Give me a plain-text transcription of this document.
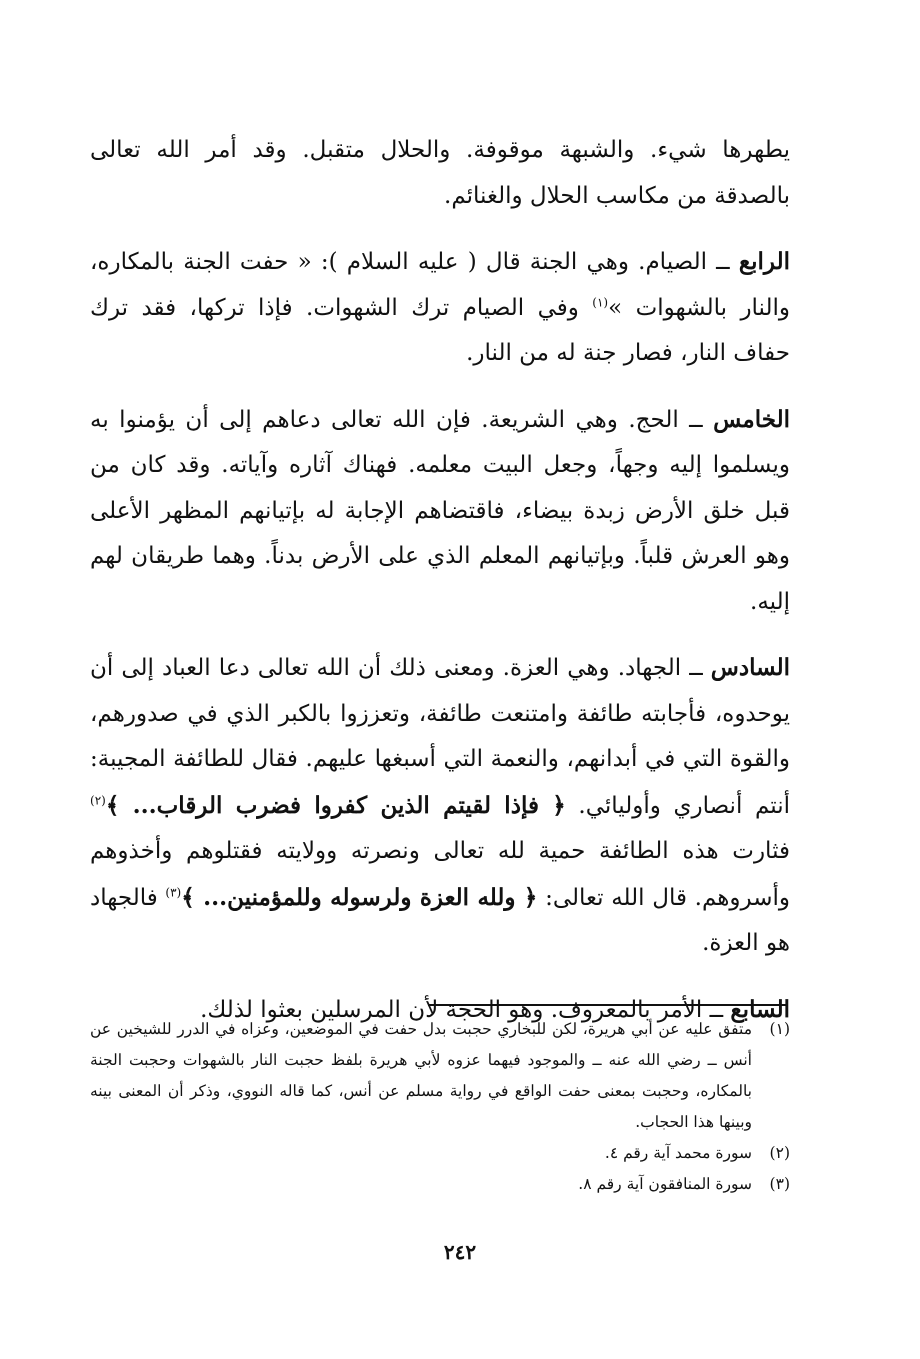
يطهرها شيء. والشبهة موقوفة. والحلال متقبل. وقد أمر الله تعالى بالصدقة من مكاسب الحلال والغنائم.

الرابع ــ الصيام. وهي الجنة قال ( عليه السلام ): « حفت الجنة بالمكاره، والنار بالشهوات »$^{(١)}$ وفي الصيام ترك الشهوات. فإذا تركها، فقد ترك حفاف النار، فصار جنة له من النار.

الخامس ــ الحج. وهي الشريعة. فإن الله تعالى دعاهم إلى أن يؤمنوا به ويسلموا إليه وجهاً، وجعل البيت معلمه. فهناك آثاره وآياته. وقد كان من قبل خلق الأرض زبدة بيضاء، فاقتضاهم الإجابة له بإتيانهم المظهر الأعلى وهو العرش قلباً. وبإتيانهم المعلم الذي على الأرض بدناً. وهما طريقان لهم إليه.

السادس ــ الجهاد. وهي العزة. ومعنى ذلك أن الله تعالى دعا العباد إلى أن يوحدوه، فأجابته طائفة وامتنعت طائفة، وتعززوا بالكبر الذي في صدورهم، والقوة التي في أبدانهم، والنعمة التي أسبغها عليهم. فقال للطائفة المجيبة: أنتم أنصاري وأوليائي. ﴿ فإذا لقيتم الذين كفروا فضرب الرقاب... ﴾$^{(٢)}$ فثارت هذه الطائفة حمية لله تعالى ونصرته وولايته فقتلوهم وأخذوهم وأسروهم. قال الله تعالى: ﴿ ولله العزة ولرسوله وللمؤمنين... ﴾$^{(٣)}$ فالجهاد هو العزة.

السابع ــ الأمر بالمعروف. وهو الحجة لأن المرسلين بعثوا لذلك.

(١)
متفق عليه عن أبي هريرة، لكن للبخاري حجبت بدل حفت في الموضعين، وعزاه في الدرر للشيخين عن أنس ــ رضي الله عنه ــ والموجود فيهما عزوه لأبي هريرة بلفظ حجبت النار بالشهوات وحجبت الجنة بالمكاره، وحجبت بمعنى حفت الواقع في رواية مسلم عن أنس، كما قاله النووي، وذكر أن المعنى بينه وبينها هذا الحجاب.
(٢)
سورة محمد آية رقم ٤.
(٣)
سورة المنافقون آية رقم ٨.
٢٤٢
